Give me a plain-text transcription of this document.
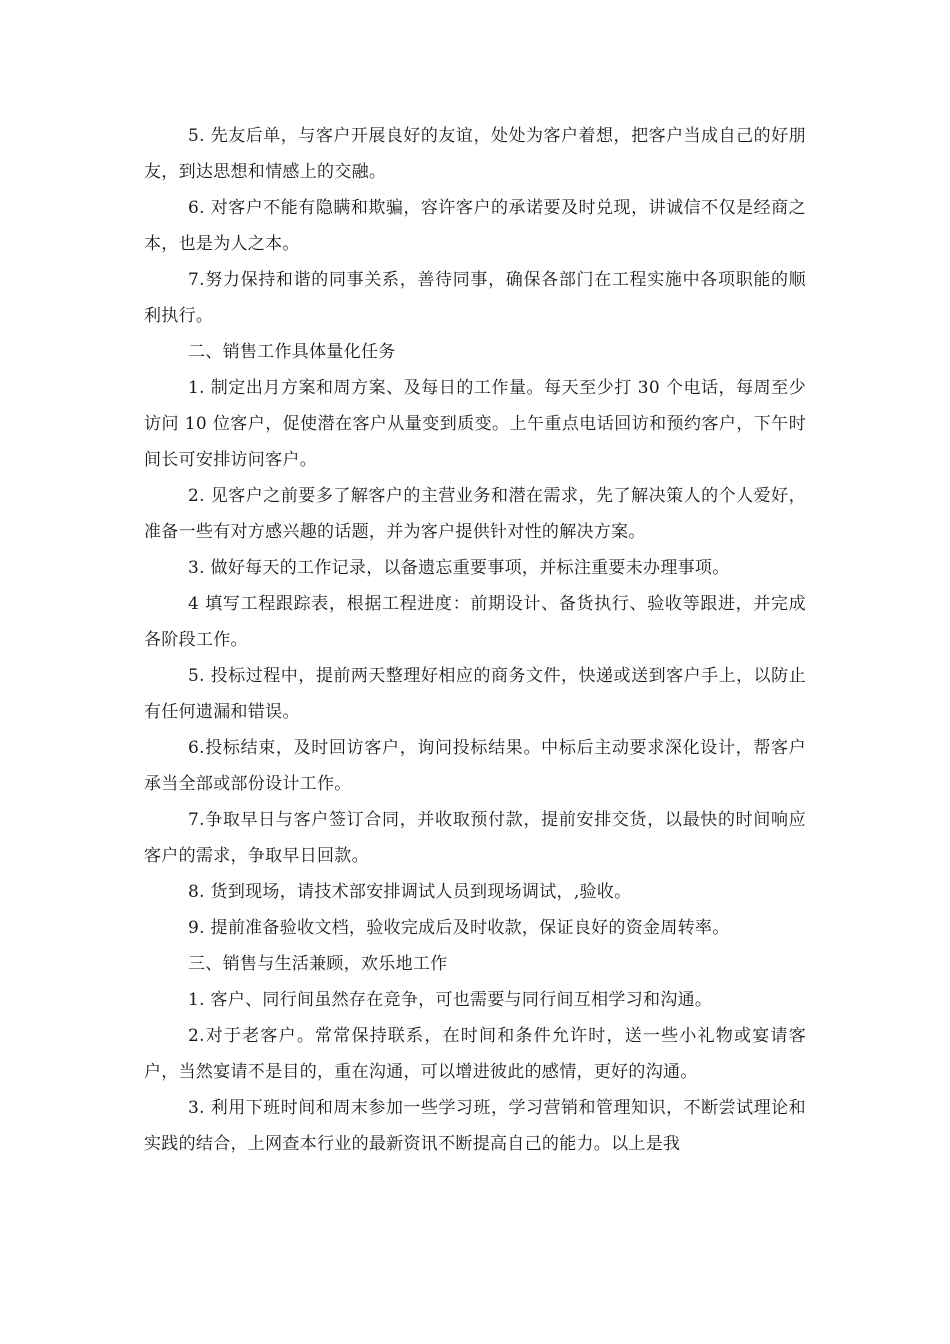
5. 先友后单，与客户开展良好的友谊，处处为客户着想，把客户当成自己的好朋友，到达思想和情感上的交融。

6. 对客户不能有隐瞒和欺骗，容许客户的承诺要及时兑现，讲诚信不仅是经商之本，也是为人之本。

7.努力保持和谐的同事关系，善待同事，确保各部门在工程实施中各项职能的顺利执行。

二、销售工作具体量化任务

1. 制定出月方案和周方案、及每日的工作量。每天至少打 30 个电话，每周至少访问 10 位客户，促使潜在客户从量变到质变。上午重点电话回访和预约客户，下午时间长可安排访问客户。

2. 见客户之前要多了解客户的主营业务和潜在需求，先了解决策人的个人爱好，准备一些有对方感兴趣的话题，并为客户提供针对性的解决方案。

3. 做好每天的工作记录，以备遗忘重要事项，并标注重要未办理事项。

4 填写工程跟踪表，根据工程进度：前期设计、备货执行、验收等跟进，并完成各阶段工作。

5. 投标过程中，提前两天整理好相应的商务文件，快递或送到客户手上，以防止有任何遗漏和错误。

6.投标结束，及时回访客户，询问投标结果。中标后主动要求深化设计，帮客户承当全部或部份设计工作。

7.争取早日与客户签订合同，并收取预付款，提前安排交货，以最快的时间响应客户的需求，争取早日回款。

8. 货到现场，请技术部安排调试人员到现场调试，,验收。

9. 提前准备验收文档，验收完成后及时收款，保证良好的资金周转率。

三、销售与生活兼顾，欢乐地工作

1. 客户、同行间虽然存在竞争，可也需要与同行间互相学习和沟通。

2.对于老客户。常常保持联系，在时间和条件允许时，送一些小礼物或宴请客户，当然宴请不是目的，重在沟通，可以增进彼此的感情，更好的沟通。

3. 利用下班时间和周末参加一些学习班，学习营销和管理知识，不断尝试理论和实践的结合，上网查本行业的最新资讯不断提高自己的能力。以上是我
